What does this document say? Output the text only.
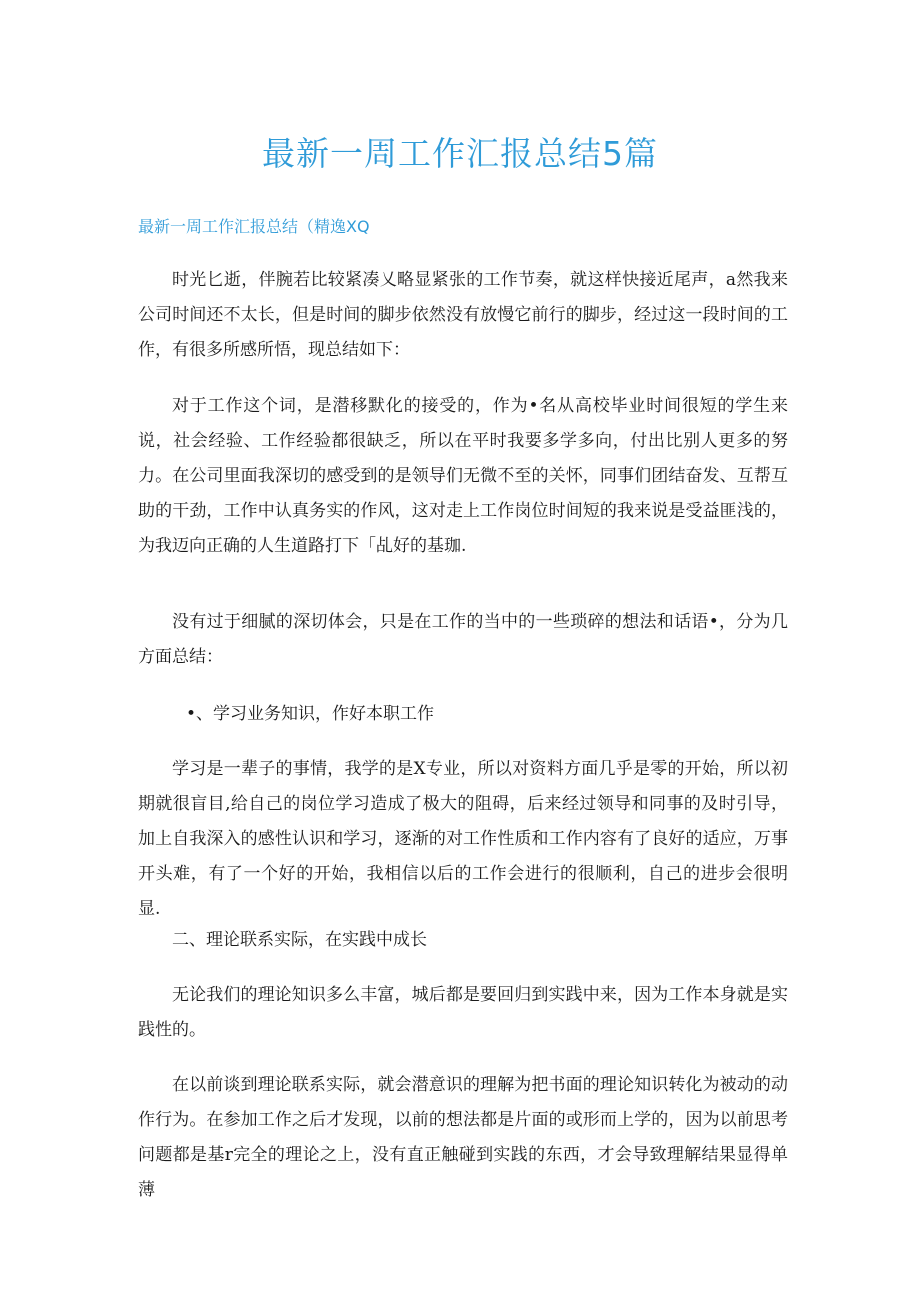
最新一周工作汇报总结5篇
最新一周工作汇报总结（精逸XQ

时光匕逝，伴腕若比较紧凑乂略显紧张的工作节奏，就这样快接近尾声，a然我来公司时间还不太长，但是时间的脚步依然没有放慢它前行的脚步，经过这一段时间的工作，有很多所感所悟，现总结如下：

对于工作这个词，是潜移默化的接受的，作为•名从高校毕业时间很短的学生来说，社会经验、工作经验都很缺乏，所以在平时我要多学多向，付出比别人更多的努力。在公司里面我深切的感受到的是领导们无微不至的关怀，同事们团结奋发、互帮互助的干劲，工作中认真务实的作风，这对走上工作岗位时间短的我来说是受益匪浅的，为我迈向正确的人生道路打下「乩好的基珈.

没有过于细腻的深切体会，只是在工作的当中的一些琐碎的想法和话语•，分为几方面总结：

•、学习业务知识，作好本职工作

学习是一辈子的事情，我学的是X专业，所以对资料方面几乎是零的开始，所以初期就很盲目,给自己的岗位学习造成了极大的阻碍，后来经过领导和同事的及时引导，加上自我深入的感性认识和学习，逐渐的对工作性质和工作内容有了良好的适应，万事开头难，有了一个好的开始，我相信以后的工作会进行的很顺利，自己的进步会很明显.

二、理论联系实际，在实践中成长

无论我们的理论知识多么丰富，城后都是要回归到实践中来，因为工作本身就是实践性的。

在以前谈到理论联系实际，就会潜意识的理解为把书面的理论知识转化为被动的动作行为。在参加工作之后才发现，以前的想法都是片面的或形而上学的，因为以前思考问题都是基r完全的理论之上，没有直正触碰到实践的东西，才会导致理解结果显得单薄
